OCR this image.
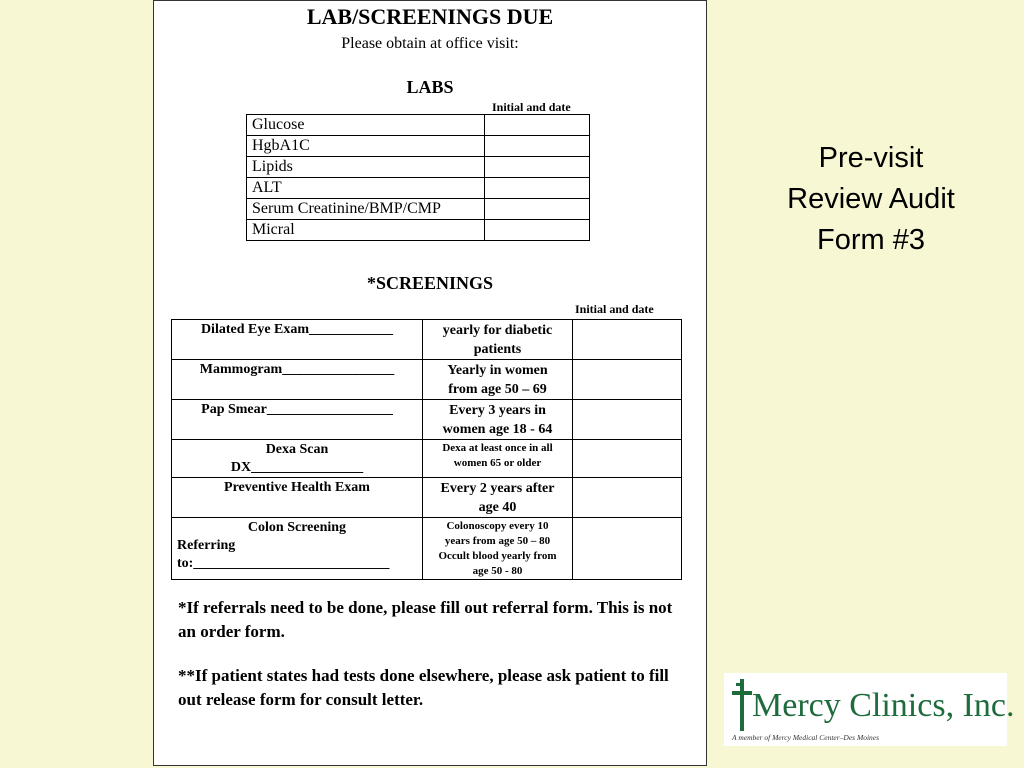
LAB/SCREENINGS DUE
Please obtain at office visit:
LABS
Initial and date
Glucose	
HgbA1C	
Lipids	
ALT	
Serum Creatinine/BMP/CMP	
Micral	
*SCREENINGS
Initial and date
Dilated Eye Exam____________	yearly for diabetic
patients	

Mammogram________________	Yearly in women
from age 50 – 69	

Pap Smear__________________	Every 3 years in
women age 18 - 64	

Dexa Scan
DX________________	Dexa at least once in all
women 65 or older	

Preventive Health Exam	Every 2 years after
age 40	

Colon Screening
Referring
to:____________________________	Colonoscopy every 10
years from age 50 – 80
Occult blood yearly from
age 50 - 80	

*If referrals need to be done, please fill out referral form. This is not an order form.
**If patient states had tests done elsewhere, please ask patient to fill out release form for consult letter.
Pre-visit
Review Audit
Form #3
Mercy Clinics, Inc.
A member of Mercy Medical Center–Des Moines
